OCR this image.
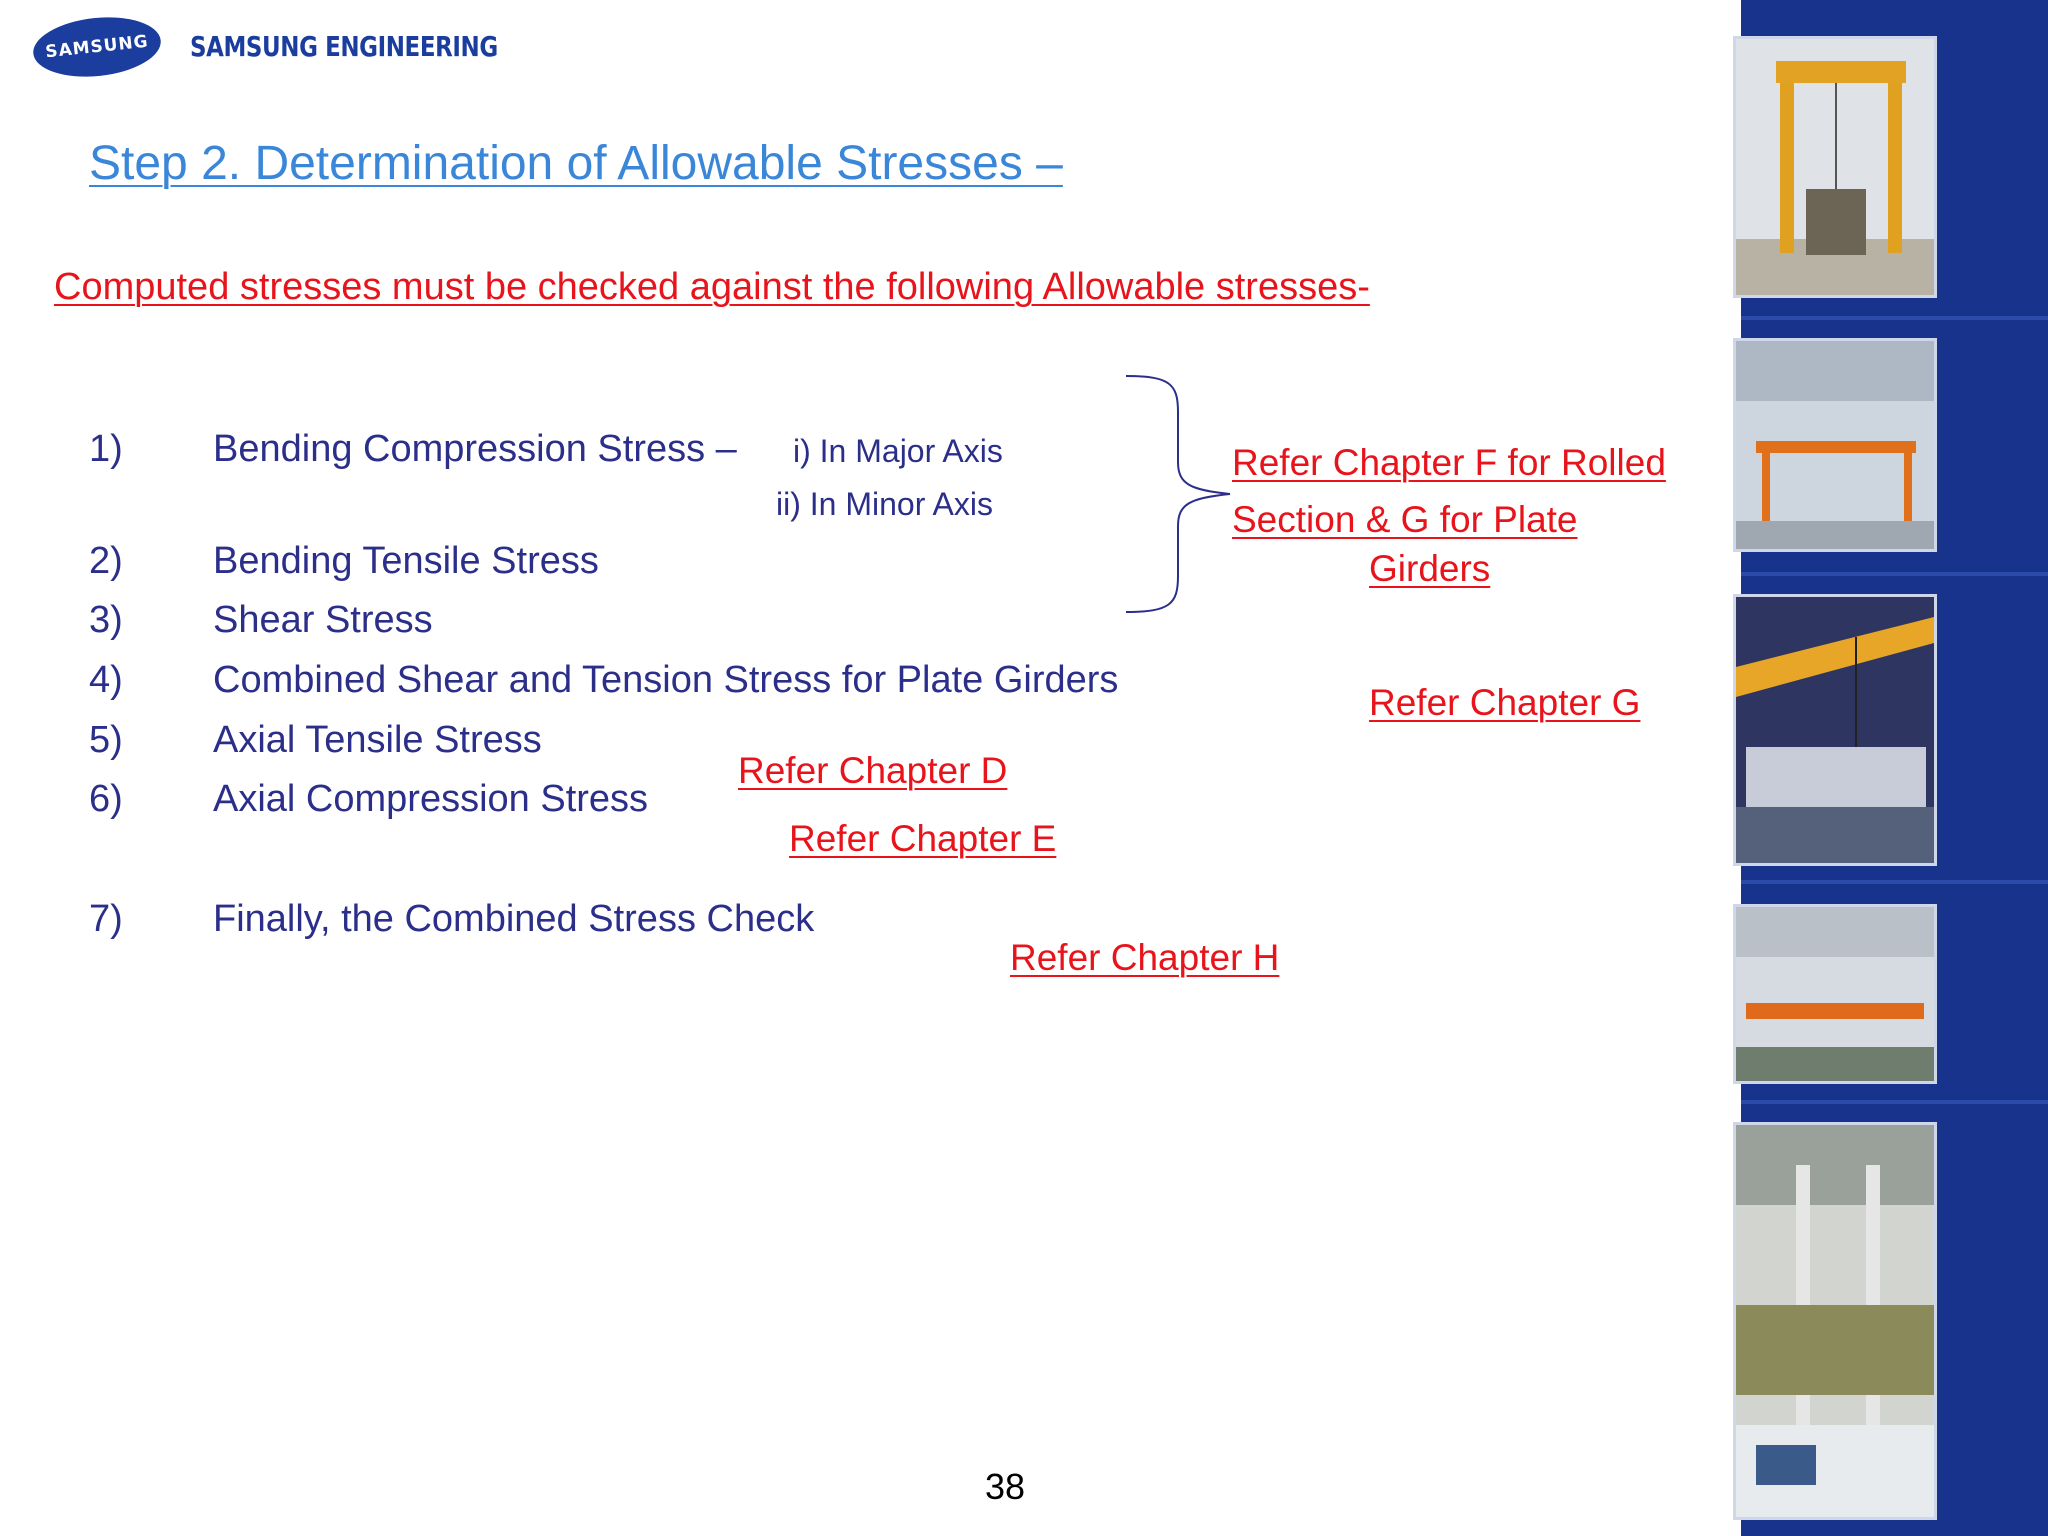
SAMSUNG SAMSUNG ENGINEERING
Step 2. Determination of Allowable Stresses –
Computed stresses must be checked against the following Allowable stresses-
1) Bending Compression Stress – i) In Major Axis
ii) In Minor Axis
2) Bending Tensile Stress
3) Shear Stress
4) Combined Shear and Tension Stress for Plate Girders
5) Axial Tensile Stress
6) Axial Compression Stress
7) Finally, the Combined Stress Check
Refer Chapter F for Rolled
Section & G for Plate
Girders
Refer Chapter G
Refer Chapter D
Refer Chapter E
Refer Chapter H
38
